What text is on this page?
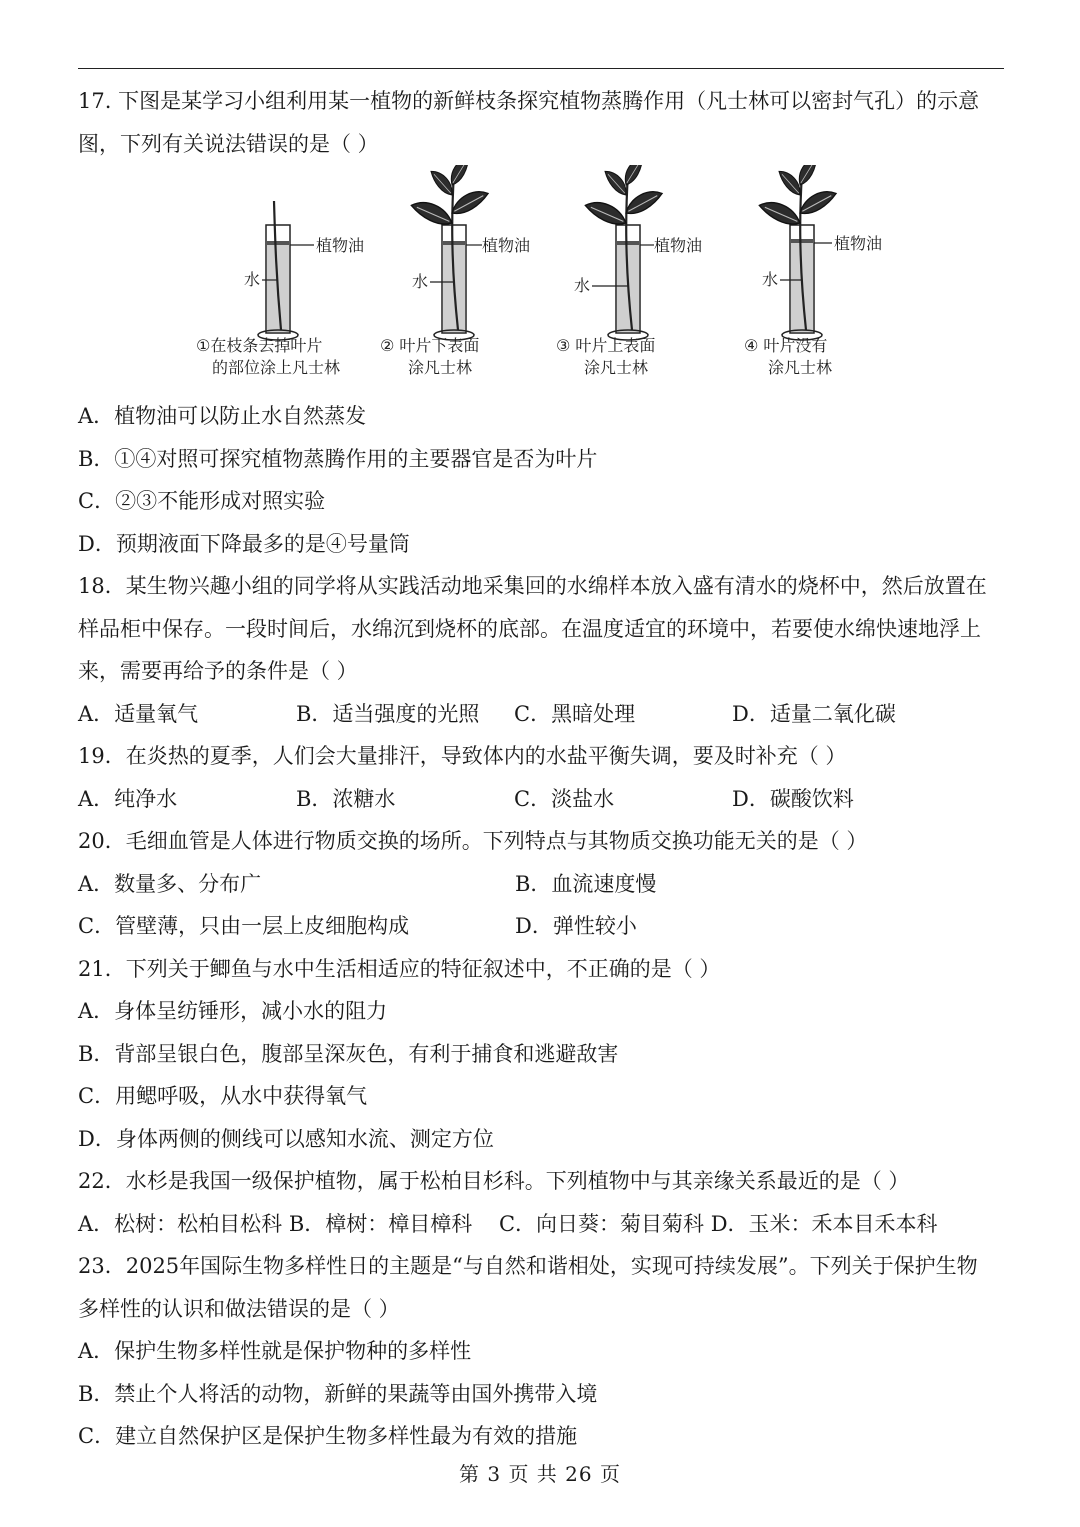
17. 下图是某学习小组利用某一植物的新鲜枝条探究植物蒸腾作用（凡士林可以密封气孔）的示意
图，下列有关说法错误的是（ ）
植物油
水
①在枝条去掉叶片
的部位涂上凡士林
植物油
水
② 叶片下表面
涂凡士林
植物油
水
③ 叶片上表面
涂凡士林
植物油
水
④ 叶片没有
涂凡士林
A．植物油可以防止水自然蒸发
B．①④对照可探究植物蒸腾作用的主要器官是否为叶片
C．②③不能形成对照实验
D．预期液面下降最多的是④号量筒
18．某生物兴趣小组的同学将从实践活动地采集回的水绵样本放入盛有清水的烧杯中，然后放置在
样品柜中保存。一段时间后，水绵沉到烧杯的底部。在温度适宜的环境中，若要使水绵快速地浮上
来，需要再给予的条件是（ ）
A．适量氧气	B．适当强度的光照	C．黑暗处理	D．适量二氧化碳
19．在炎热的夏季，人们会大量排汗，导致体内的水盐平衡失调，要及时补充（ ）
A．纯净水	B．浓糖水	C．淡盐水	D．碳酸饮料
20．毛细血管是人体进行物质交换的场所。下列特点与其物质交换功能无关的是（ ）
A．数量多、分布广	B．血流速度慢
C．管壁薄，只由一层上皮细胞构成	D．弹性较小
21．下列关于鲫鱼与水中生活相适应的特征叙述中，不正确的是（ ）
A．身体呈纺锤形，减小水的阻力
B．背部呈银白色，腹部呈深灰色，有利于捕食和逃避敌害
C．用鳃呼吸，从水中获得氧气
D．身体两侧的侧线可以感知水流、测定方位
22．水杉是我国一级保护植物，属于松柏目杉科。下列植物中与其亲缘关系最近的是（ ）
A．松树：松柏目松科 B．樟树：樟目樟科    C．向日葵：菊目菊科 D．玉米：禾本目禾本科
23．2025年国际生物多样性日的主题是“与自然和谐相处，实现可持续发展”。下列关于保护生物
多样性的认识和做法错误的是（ ）
A．保护生物多样性就是保护物种的多样性
B．禁止个人将活的动物，新鲜的果蔬等由国外携带入境
C．建立自然保护区是保护生物多样性最为有效的措施
第 3 页 共 26 页
